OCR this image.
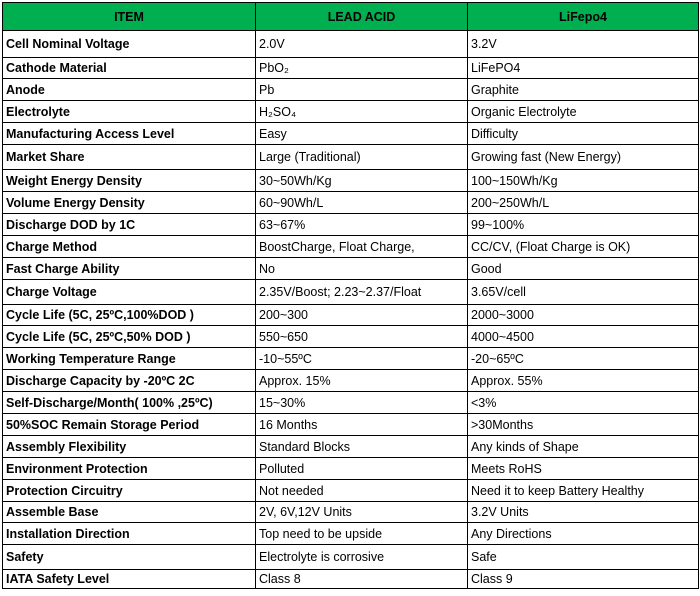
ITEM	LEAD ACID	LiFepo4
Cell Nominal Voltage	2.0V	3.2V
Cathode Material	PbO₂	LiFePO4
Anode	Pb	Graphite
Electrolyte	H₂SO₄	Organic Electrolyte
Manufacturing Access Level	Easy	Difficulty
Market Share	Large (Traditional)	Growing fast (New Energy)
Weight Energy Density	30~50Wh/Kg	100~150Wh/Kg
Volume Energy Density	60~90Wh/L	200~250Wh/L
Discharge DOD by 1C	63~67%	99~100%
Charge Method	BoostCharge, Float Charge,	CC/CV, (Float Charge is OK)
Fast Charge Ability	No	Good
Charge Voltage	2.35V/Boost; 2.23~2.37/Float	3.65V/cell
Cycle Life (5C, 25ºC,100%DOD )	200~300	2000~3000
Cycle Life (5C, 25ºC,50% DOD )	550~650	4000~4500
Working Temperature Range	-10~55ºC	-20~65ºC
Discharge Capacity by -20ºC 2C	Approx. 15%	Approx. 55%
Self-Discharge/Month( 100% ,25ºC)	15~30%	<3%
50%SOC Remain Storage Period	16 Months	>30Months
Assembly Flexibility	Standard Blocks	Any kinds of Shape
Environment Protection	Polluted	Meets RoHS
Protection Circuitry	Not needed	Need it to keep Battery Healthy
Assemble Base	2V, 6V,12V Units	3.2V Units
Installation Direction	Top need to be upside	Any Directions
Safety	Electrolyte is corrosive	Safe
IATA Safety Level	Class 8	Class 9
